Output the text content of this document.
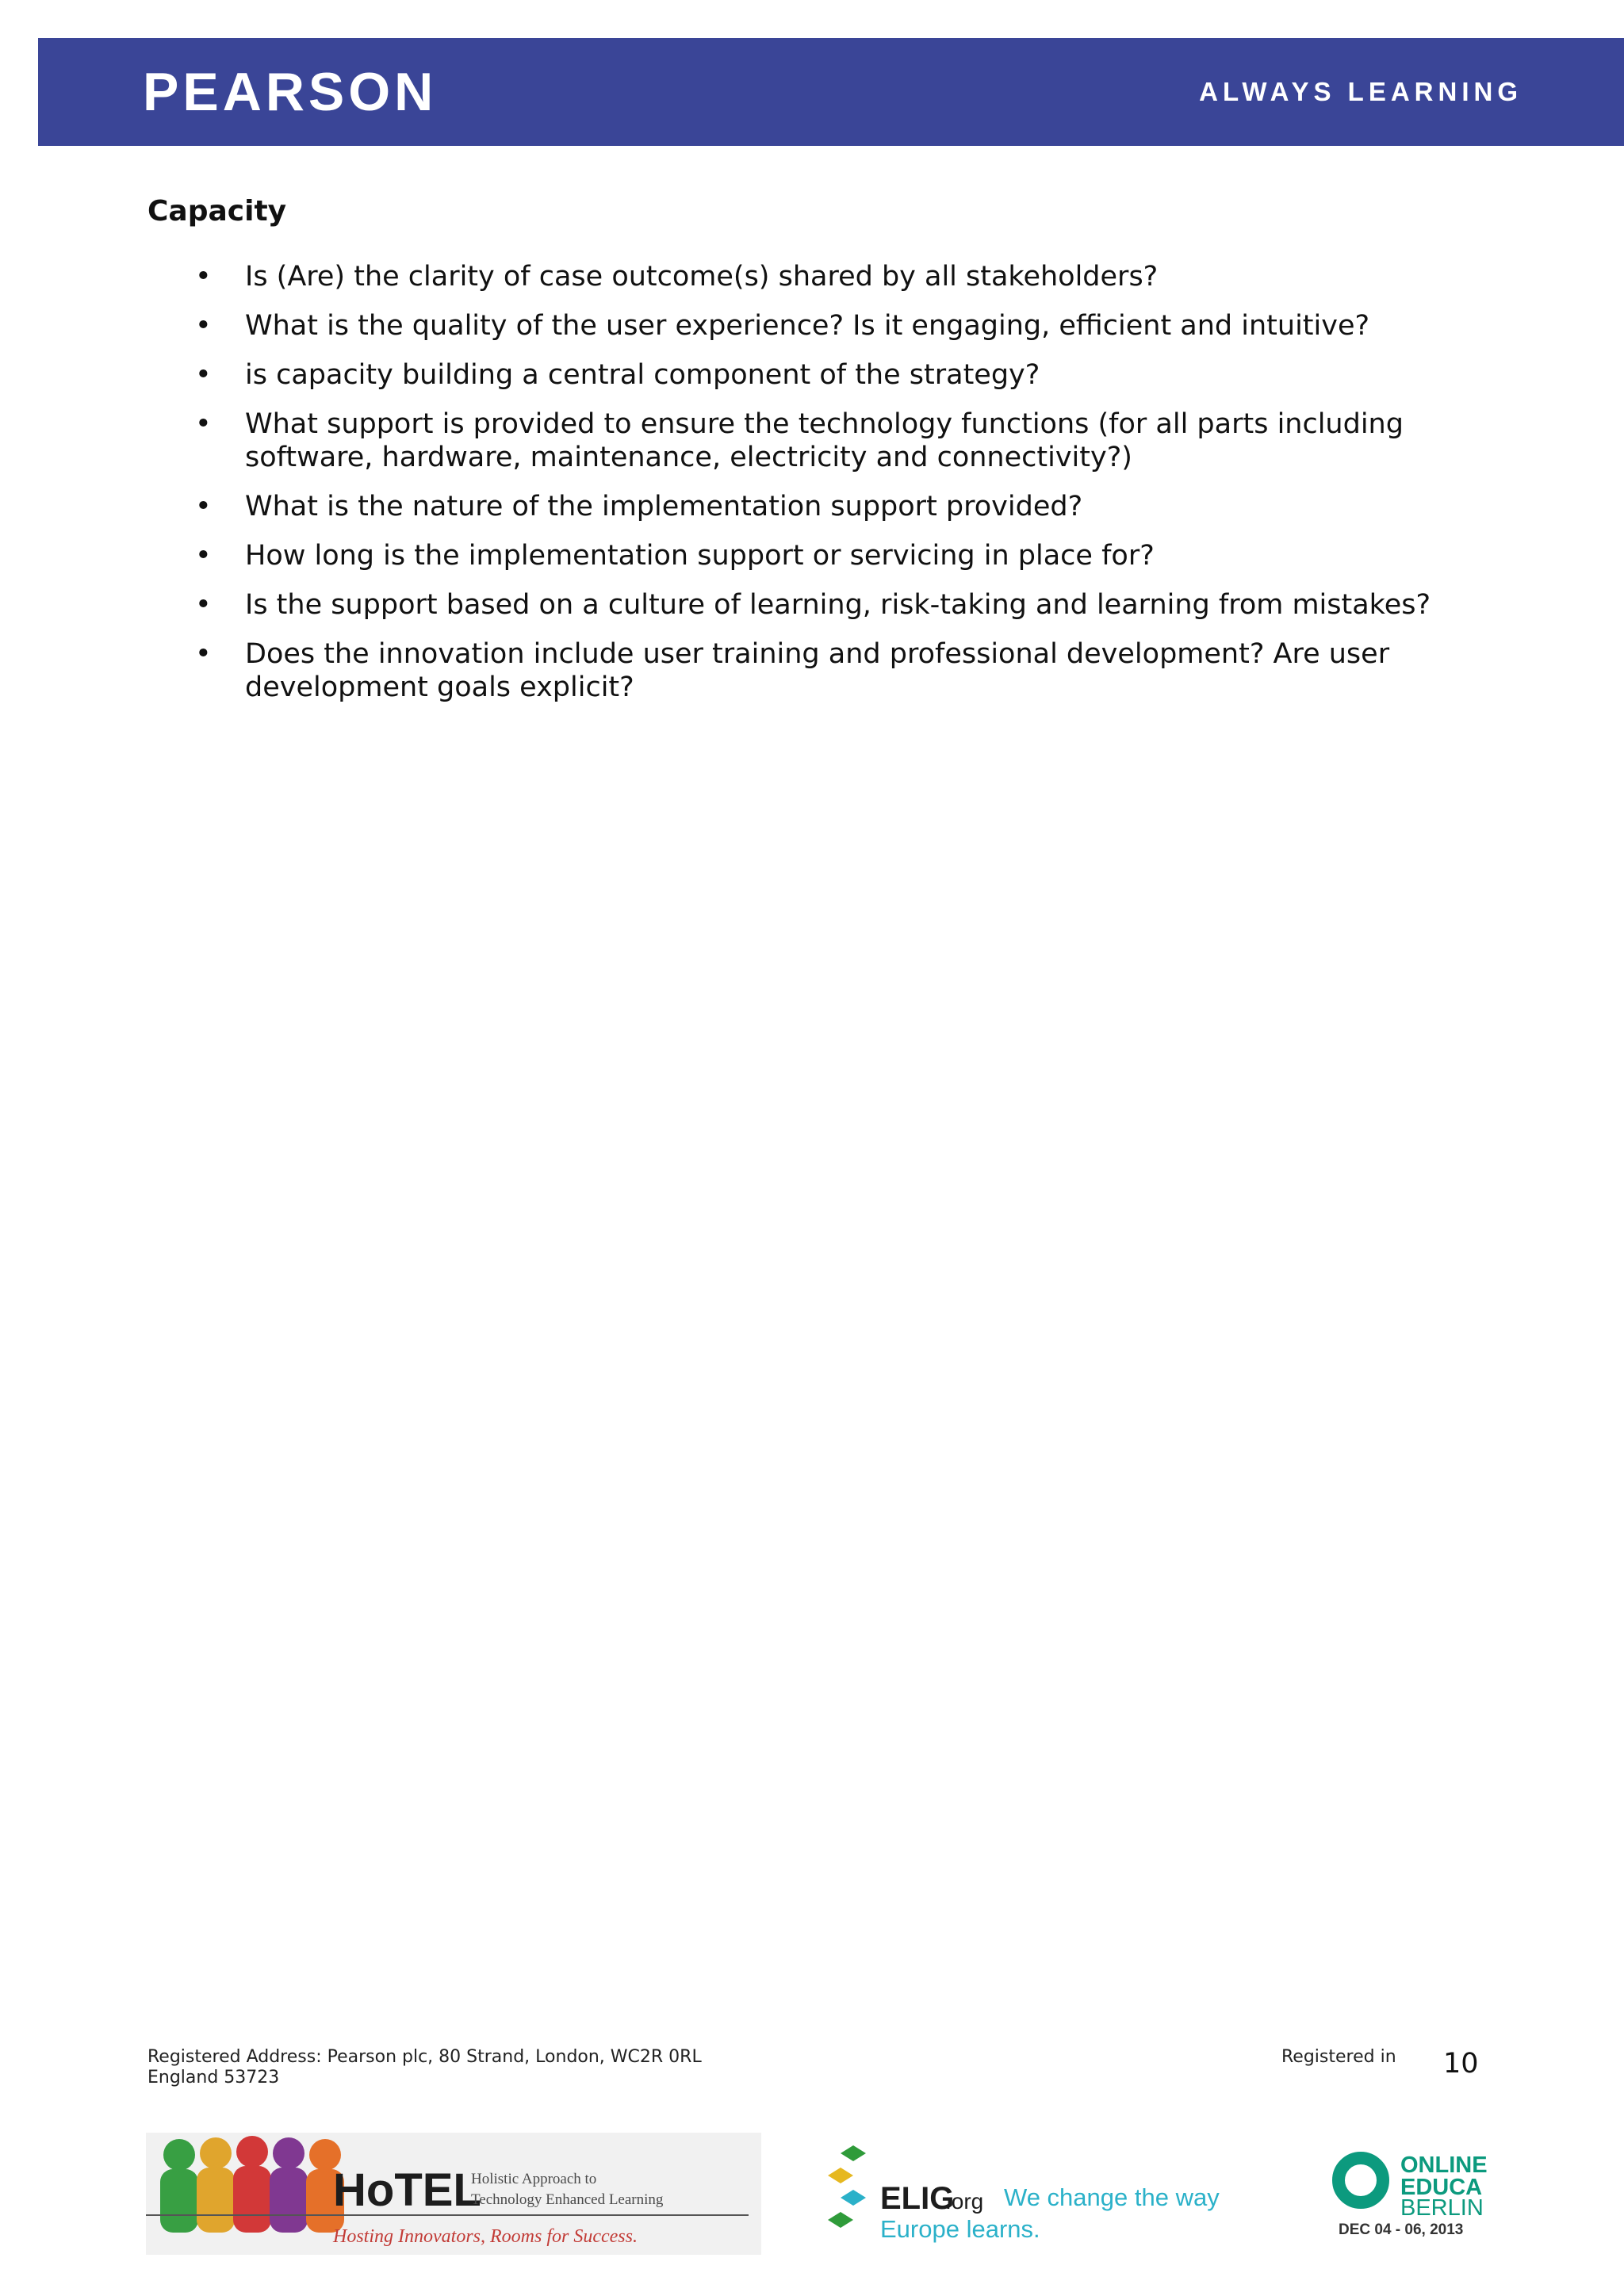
PEARSON	ALWAYS LEARNING
Capacity
• Is (Are) the clarity of case outcome(s) shared by all stakeholders?
• What is the quality of the user experience? Is it engaging, efficient and intuitive?
• is capacity building a central component of the strategy?
• What support is provided to ensure the technology functions (for all parts including software, hardware, maintenance, electricity and connectivity?)
• What is the nature of the implementation support provided?
• How long is the implementation support or servicing in place for?
• Is the support based on a culture of learning, risk-taking and learning from mistakes?
• Does the innovation include user training and professional development? Are user development goals explicit?
Registered Address: Pearson plc, 80 Strand, London, WC2R 0RL
England 53723
Registered in 10
HoTEL
Holistic Approach to
Technology Enhanced Learning
Hosting Innovators, Rooms for Success.
ELIG
.org We change the way
Europe learns.
ONLINE
EDUCA
BERLIN
DEC 04 - 06, 2013
